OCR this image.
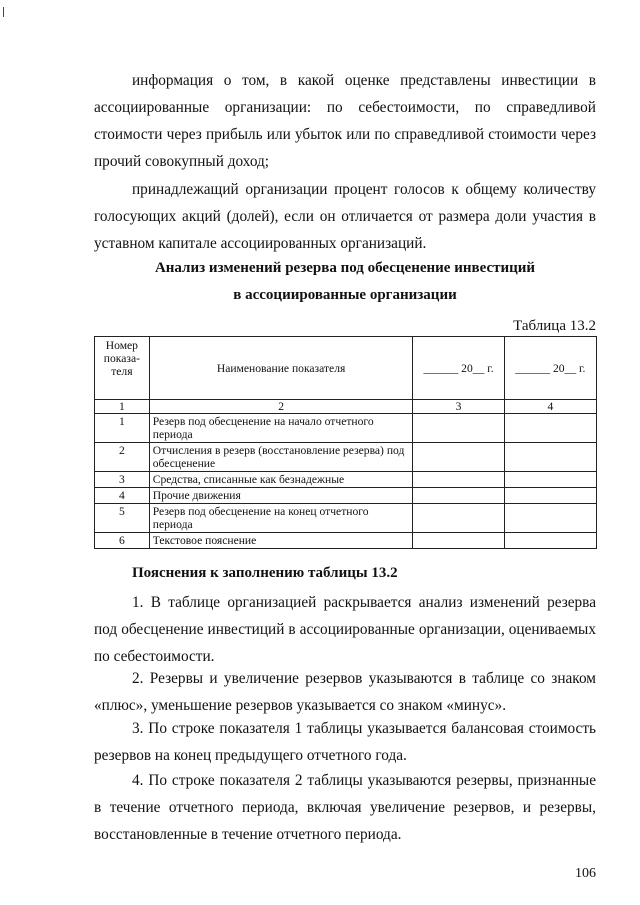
информация о том, в какой оценке представлены инвестиции в ассоциированные организации: по себестоимости, по справедливой стоимости через прибыль или убыток или по справедливой стоимости через прочий совокупный доход;

принадлежащий организации процент голосов к общему количеству голосующих акций (долей), если он отличается от размера доли участия в уставном капитале ассоциированных организаций.

Анализ изменений резерва под обесценение инвестиций

в ассоциированные организации

Таблица 13.2

Номер показа-теля	Наименование показателя	______ 20__ г.	______ 20__ г.
1	2	3	4
1	Резерв под обесценение на начало отчетного периода		
2	Отчисления в резерв (восстановление резерва) под обесценение		
3	Средства, списанные как безнадежные		
4	Прочие движения		
5	Резерв под обесценение на конец отчетного периода		
6	Текстовое пояснение		

Пояснения к заполнению таблицы 13.2

1. В таблице организацией раскрывается анализ изменений резерва под обесценение инвестиций в ассоциированные организации, оцениваемых по себестоимости.

2. Резервы и увеличение резервов указываются в таблице со знаком «плюс», уменьшение резервов указывается со знаком «минус».

3. По строке показателя 1 таблицы указывается балансовая стоимость резервов на конец предыдущего отчетного года.

4. По строке показателя 2 таблицы указываются резервы, признанные в течение отчетного периода, включая увеличение резервов, и резервы, восстановленные в течение отчетного периода.

106
